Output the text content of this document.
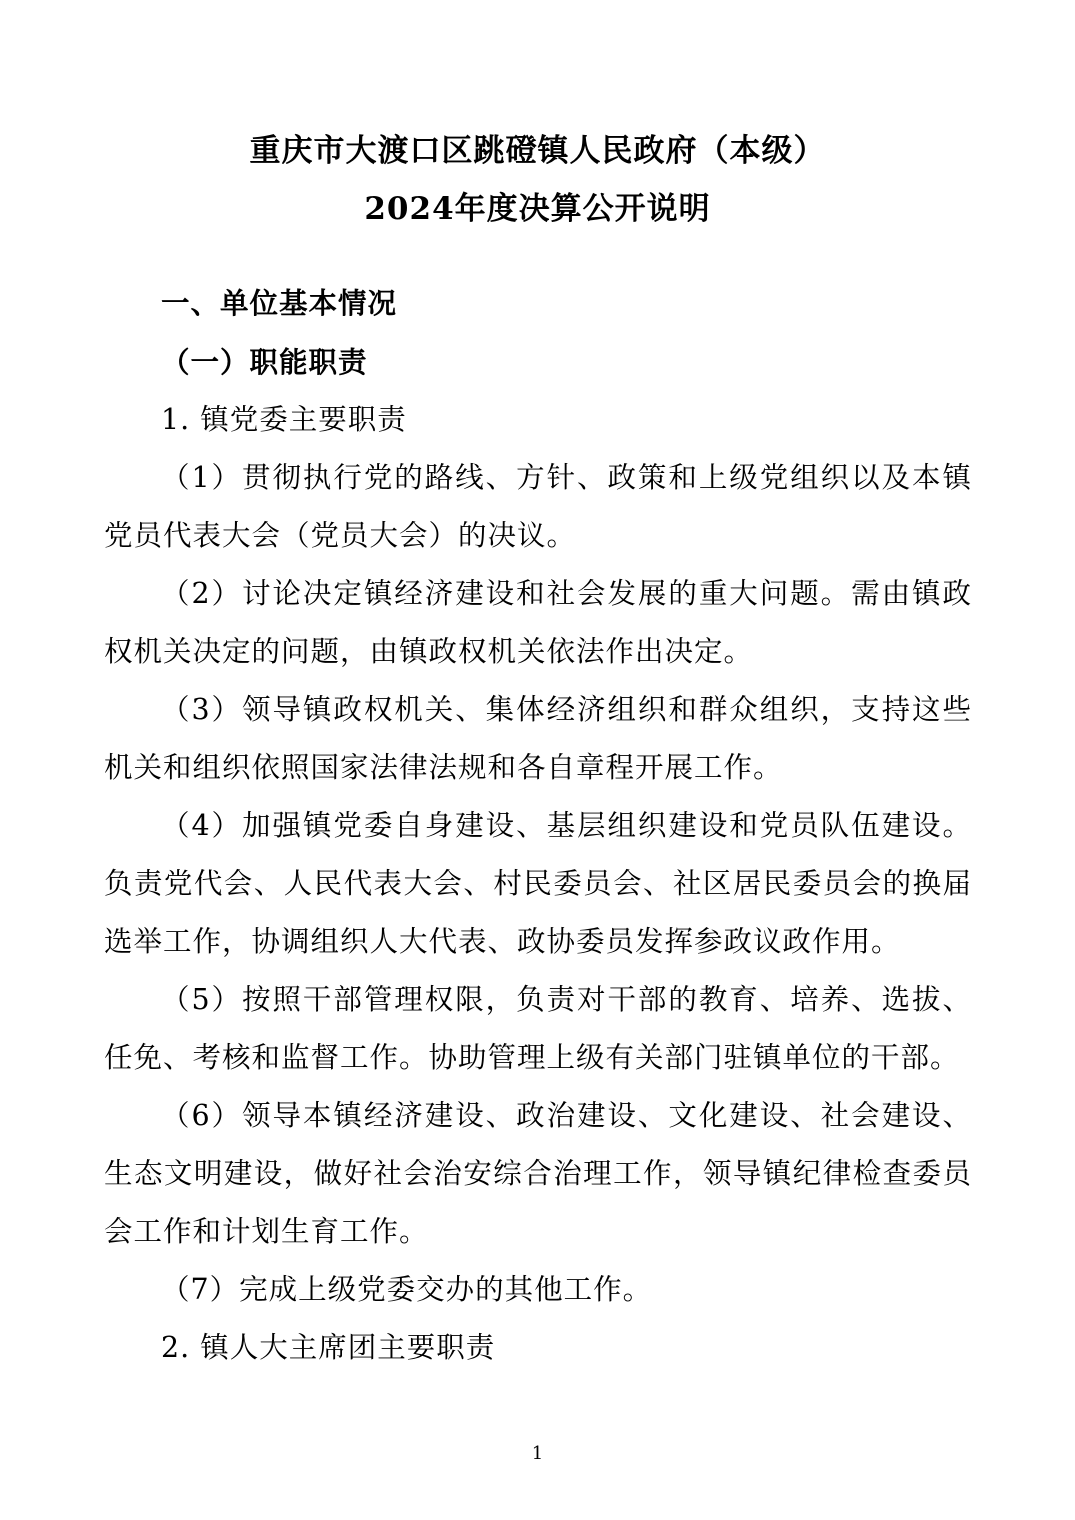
重庆市大渡口区跳磴镇人民政府（本级）
2024年度决算公开说明

一、单位基本情况

（一）职能职责

1. 镇党委主要职责

（1）贯彻执行党的路线、方针、政策和上级党组织以及本镇党员代表大会（党员大会）的决议。

（2）讨论决定镇经济建设和社会发展的重大问题。需由镇政权机关决定的问题，由镇政权机关依法作出决定。

（3）领导镇政权机关、集体经济组织和群众组织，支持这些机关和组织依照国家法律法规和各自章程开展工作。

（4）加强镇党委自身建设、基层组织建设和党员队伍建设。负责党代会、人民代表大会、村民委员会、社区居民委员会的换届选举工作，协调组织人大代表、政协委员发挥参政议政作用。

（5）按照干部管理权限，负责对干部的教育、培养、选拔、任免、考核和监督工作。协助管理上级有关部门驻镇单位的干部。

（6）领导本镇经济建设、政治建设、文化建设、社会建设、生态文明建设，做好社会治安综合治理工作，领导镇纪律检查委员会工作和计划生育工作。

（7）完成上级党委交办的其他工作。

2. 镇人大主席团主要职责

1
